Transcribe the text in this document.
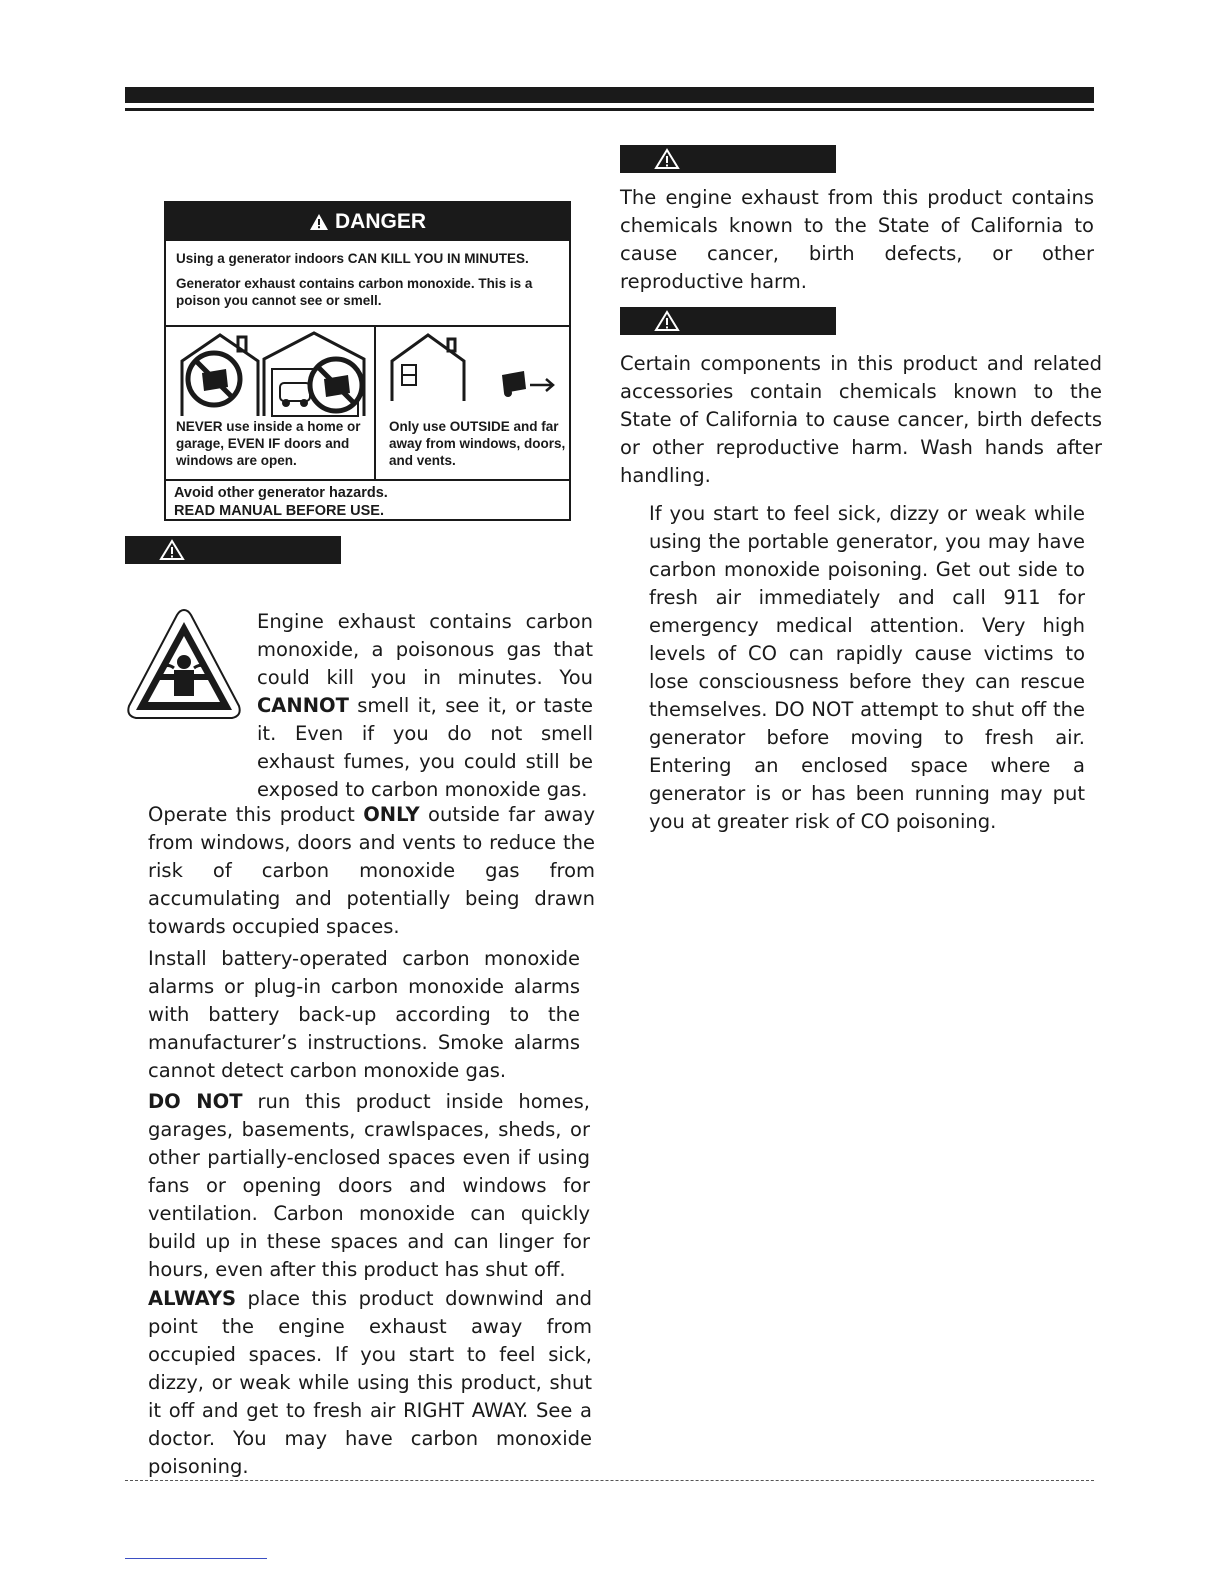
DANGER

Using a generator indoors CAN KILL YOU IN MINUTES.

Generator exhaust contains carbon monoxide. This is a poison you cannot see or smell.

NEVER use inside a home or garage, EVEN IF doors and windows are open.

Only use OUTSIDE and far away from windows, doors, and vents.

Avoid other generator hazards.
READ MANUAL BEFORE USE.

Engine exhaust contains carbon monoxide, a poisonous gas that could kill you in minutes. You CANNOT smell it, see it, or taste it. Even if you do not smell exhaust fumes, you could still be exposed to carbon monoxide gas.

Operate this product ONLY outside far away from windows, doors and vents to reduce the risk of carbon monoxide gas from accumulating and potentially being drawn towards occupied spaces.

Install battery-operated carbon monoxide alarms or plug-in carbon monoxide alarms with battery back-up according to the manufacturer’s instructions. Smoke alarms cannot detect carbon monoxide gas.

DO NOT run this product inside homes, garages, basements, crawlspaces, sheds, or other partially-enclosed spaces even if using fans or opening doors and windows for ventilation. Carbon monoxide can quickly build up in these spaces and can linger for hours, even after this product has shut off.

ALWAYS place this product downwind and point the engine exhaust away from occupied spaces. If you start to feel sick, dizzy, or weak while using this product, shut it off and get to fresh air RIGHT AWAY. See a doctor. You may have carbon monoxide poisoning.

The engine exhaust from this product contains chemicals known to the State of California to cause cancer, birth defects, or other reproductive harm.

Certain components in this product and related accessories contain chemicals known to the State of California to cause cancer, birth defects or other reproductive harm. Wash hands after handling.

If you start to feel sick, dizzy or weak while using the portable generator, you may have carbon monoxide poisoning. Get out side to fresh air immediately and call 911 for emergency medical attention. Very high levels of CO can rapidly cause victims to lose consciousness before they can rescue themselves. DO NOT attempt to shut off the generator before moving to fresh air. Entering an enclosed space where a generator is or has been running may put you at greater risk of CO poisoning.
